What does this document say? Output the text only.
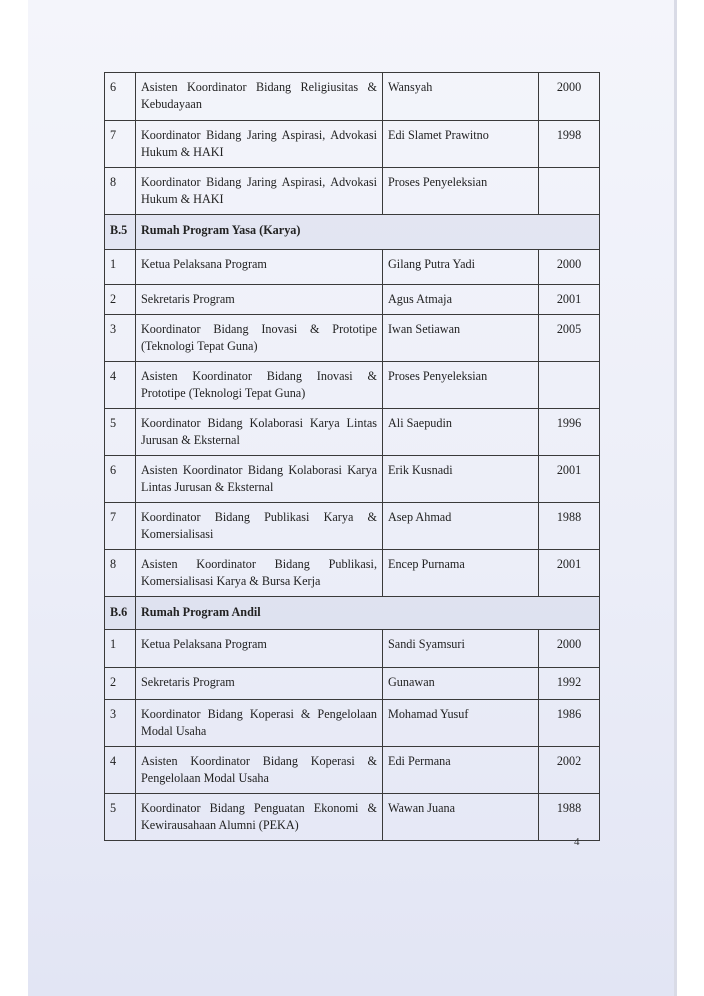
6	Asisten Koordinator Bidang Religiusitas & Kebudayaan	Wansyah	2000
7	Koordinator Bidang Jaring Aspirasi, Advokasi Hukum & HAKI	Edi Slamet Prawitno	1998
8	Koordinator Bidang Jaring Aspirasi, Advokasi Hukum & HAKI	Proses Penyeleksian	
B.5	Rumah Program Yasa (Karya)		
1	Ketua Pelaksana Program	Gilang Putra Yadi	2000
2	Sekretaris Program	Agus Atmaja	2001
3	Koordinator Bidang Inovasi & Prototipe (Teknologi Tepat Guna)	Iwan Setiawan	2005
4	Asisten Koordinator Bidang Inovasi & Prototipe (Teknologi Tepat Guna)	Proses Penyeleksian	
5	Koordinator Bidang Kolaborasi Karya Lintas Jurusan & Eksternal	Ali Saepudin	1996
6	Asisten Koordinator Bidang Kolaborasi Karya Lintas Jurusan & Eksternal	Erik Kusnadi	2001
7	Koordinator Bidang Publikasi Karya & Komersialisasi	Asep Ahmad	1988
8	Asisten Koordinator Bidang Publikasi, Komersialisasi Karya & Bursa Kerja	Encep Purnama	2001
B.6	Rumah Program Andil		
1	Ketua Pelaksana Program	Sandi Syamsuri	2000
2	Sekretaris Program	Gunawan	1992
3	Koordinator Bidang Koperasi & Pengelolaan Modal Usaha	Mohamad Yusuf	1986
4	Asisten Koordinator Bidang Koperasi & Pengelolaan Modal Usaha	Edi Permana	2002
5	Koordinator Bidang Penguatan Ekonomi & Kewirausahaan Alumni (PEKA)	Wawan Juana	1988
4
